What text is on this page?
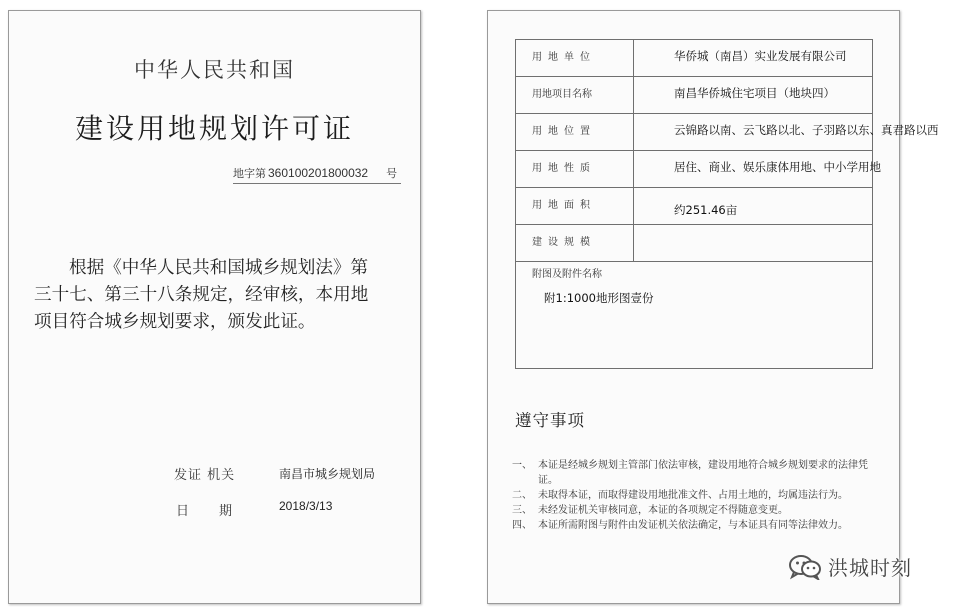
中华人民共和国
建设用地规划许可证
地字第 360100201800032 号
根据《中华人民共和国城乡规划法》第
三十七、第三十八条规定，经审核，本用地
项目符合城乡规划要求，颁发此证。
发证 机关	南昌市城乡规划局
日期 2018/3/13
用地单位	华侨城（南昌）实业发展有限公司
用地项目名称	南昌华侨城住宅项目（地块四）
用地位置	云锦路以南、云飞路以北、子羽路以东、真君路以西
用地性质	居住、商业、娱乐康体用地、中小学用地
用地面积	约251.46亩
建设规模
附图及附件名称
附1:1000地形图壹份
遵守事项
一、 本证是经城乡规划主管部门依法审核，建设用地符合城乡规划要求的法律凭证。
二、 未取得本证，而取得建设用地批准文件、占用土地的，均属违法行为。
三、 未经发证机关审核同意，本证的各项规定不得随意变更。
四、 本证所需附图与附件由发证机关依法确定，与本证具有同等法律效力。
洪城时刻
